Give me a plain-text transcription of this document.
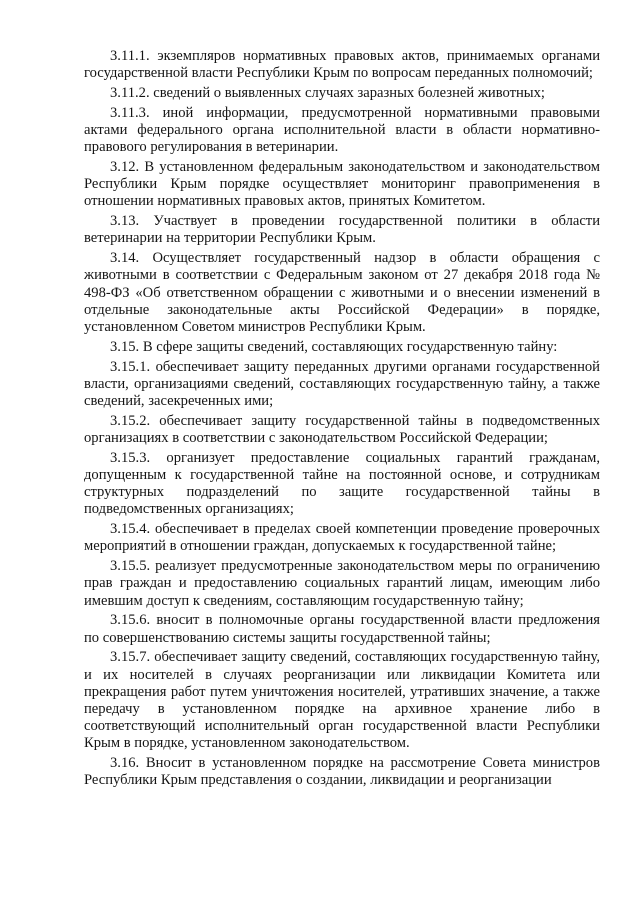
3.11.1. экземпляров нормативных правовых актов, принимаемых органами государственной власти Республики Крым по вопросам переданных полномочий;

3.11.2. сведений о выявленных случаях заразных болезней животных;

3.11.3. иной информации, предусмотренной нормативными правовыми актами федерального органа исполнительной власти в области нормативно-правового регулирования в ветеринарии.

3.12. В установленном федеральным законодательством и законодательством Республики Крым порядке осуществляет мониторинг правоприменения в отношении нормативных правовых актов, принятых Комитетом.

3.13. Участвует в проведении государственной политики в области ветеринарии на территории Республики Крым.

3.14. Осуществляет государственный надзор в области обращения с животными в соответствии с Федеральным законом от 27 декабря 2018 года № 498-ФЗ «Об ответственном обращении с животными и о внесении изменений в отдельные законодательные акты Российской Федерации» в порядке, установленном Советом министров Республики Крым.

3.15. В сфере защиты сведений, составляющих государственную тайну:

3.15.1. обеспечивает защиту переданных другими органами государственной власти, организациями сведений, составляющих государственную тайну, а также сведений, засекреченных ими;

3.15.2. обеспечивает защиту государственной тайны в подведомственных организациях в соответствии с законодательством Российской Федерации;

3.15.3. организует предоставление социальных гарантий гражданам, допущенным к государственной тайне на постоянной основе, и сотрудникам структурных подразделений по защите государственной тайны в подведомственных организациях;

3.15.4. обеспечивает в пределах своей компетенции проведение проверочных мероприятий в отношении граждан, допускаемых к государственной тайне;

3.15.5. реализует предусмотренные законодательством меры по ограничению прав граждан и предоставлению социальных гарантий лицам, имеющим либо имевшим доступ к сведениям, составляющим государственную тайну;

3.15.6. вносит в полномочные органы государственной власти предложения по совершенствованию системы защиты государственной тайны;

3.15.7. обеспечивает защиту сведений, составляющих государственную тайну, и их носителей в случаях реорганизации или ликвидации Комитета или прекращения работ путем уничтожения носителей, утративших значение, а также передачу в установленном порядке на архивное хранение либо в соответствующий исполнительный орган государственной власти Республики Крым в порядке, установленном законодательством.

3.16. Вносит в установленном порядке на рассмотрение Совета министров Республики Крым представления о создании, ликвидации и реорганизации
